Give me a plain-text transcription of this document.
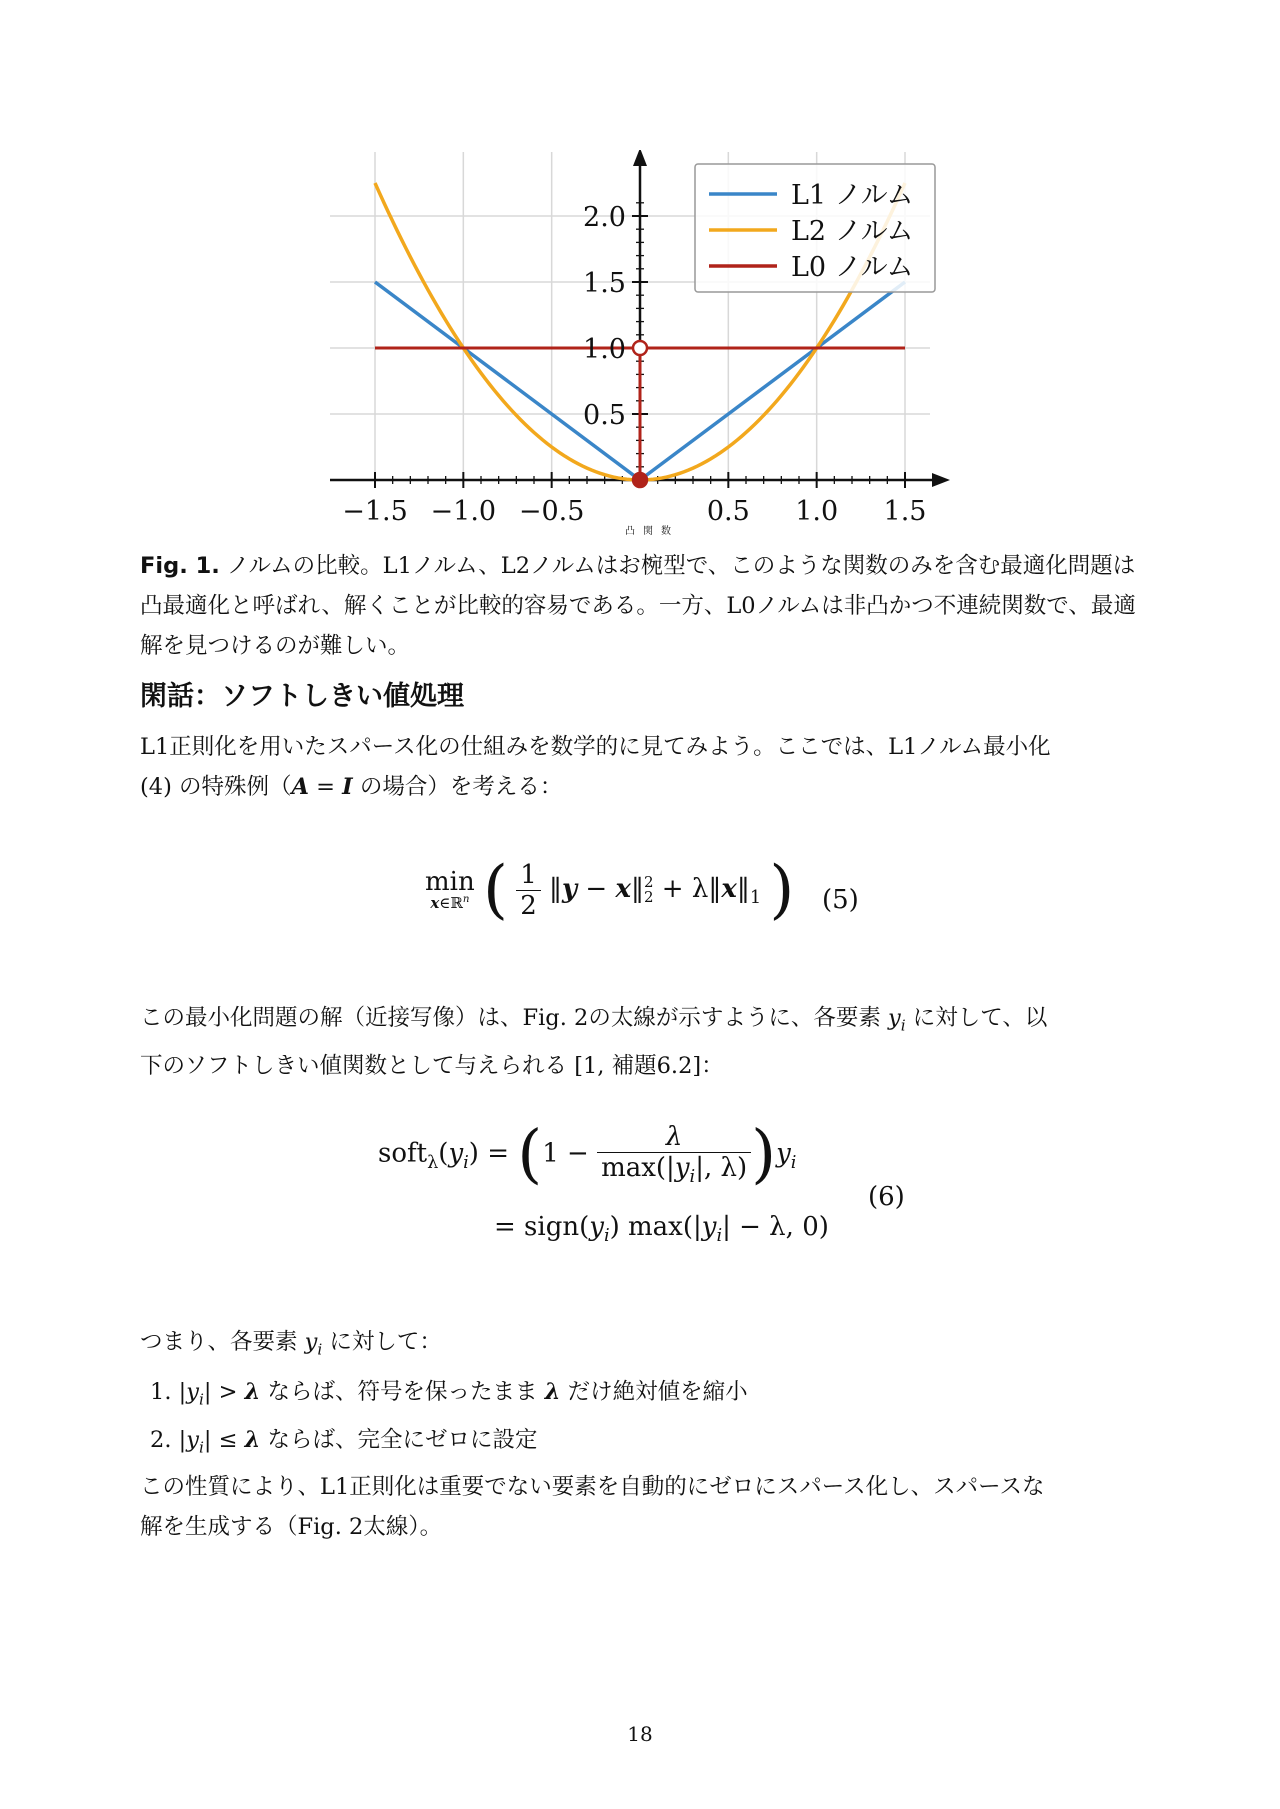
−1.5 −1.0 −0.5	0.5 1.0 1.5
0.5
1.0
1.5
2.0
L1 ノルム
L2 ノルム
L0 ノルム
Fig. 1. ノルムの比較。L1ノルム、L2ノルムは
凸関数
お椀型で、このような関数のみを含む最適化問題は凸最適化と呼ばれ、解くことが比較的容易である。一方、L0ノルムは非凸かつ不連続関数で、最適解を見つけるのが難しい。
閑話：ソフトしきい値処理
L1正則化を用いたスパース化の仕組みを数学的に見てみよう。ここでは、L1ノルム最小化
(4) の特殊例（A = I の場合）を考える：
min
x∈ℝ$^n$ ( $\frac{1}{2}$ ‖y − x‖ 2
$2 + \lambda‖x‖_1$ ) (5)
この最小化問題の解（近接写像）は、Fig. 2の太線が示すように、各要素 $y_i$ に対して、以
下のソフトしきい値関数として与えられる [1, 補題6.2]：
$soft_\lambda(y_i) = (1 - \frac{\lambda}{\max(|y_i|, \lambda)} )y_i$
= $sign(y_i) \max(|y_i| - \lambda$, 0)
(6)
つまり、各要素 $y_i$ に対して：
1. $|y_i| > \lambda$ ならば、符号を保ったまま λ だけ絶対値を縮小
2. $|y_i| \le \lambda$ ならば、完全にゼロに設定
この性質により、L1正則化は重要でない要素を自動的にゼロにスパース化し、スパースな
解を生成する（Fig. 2太線）。
18
